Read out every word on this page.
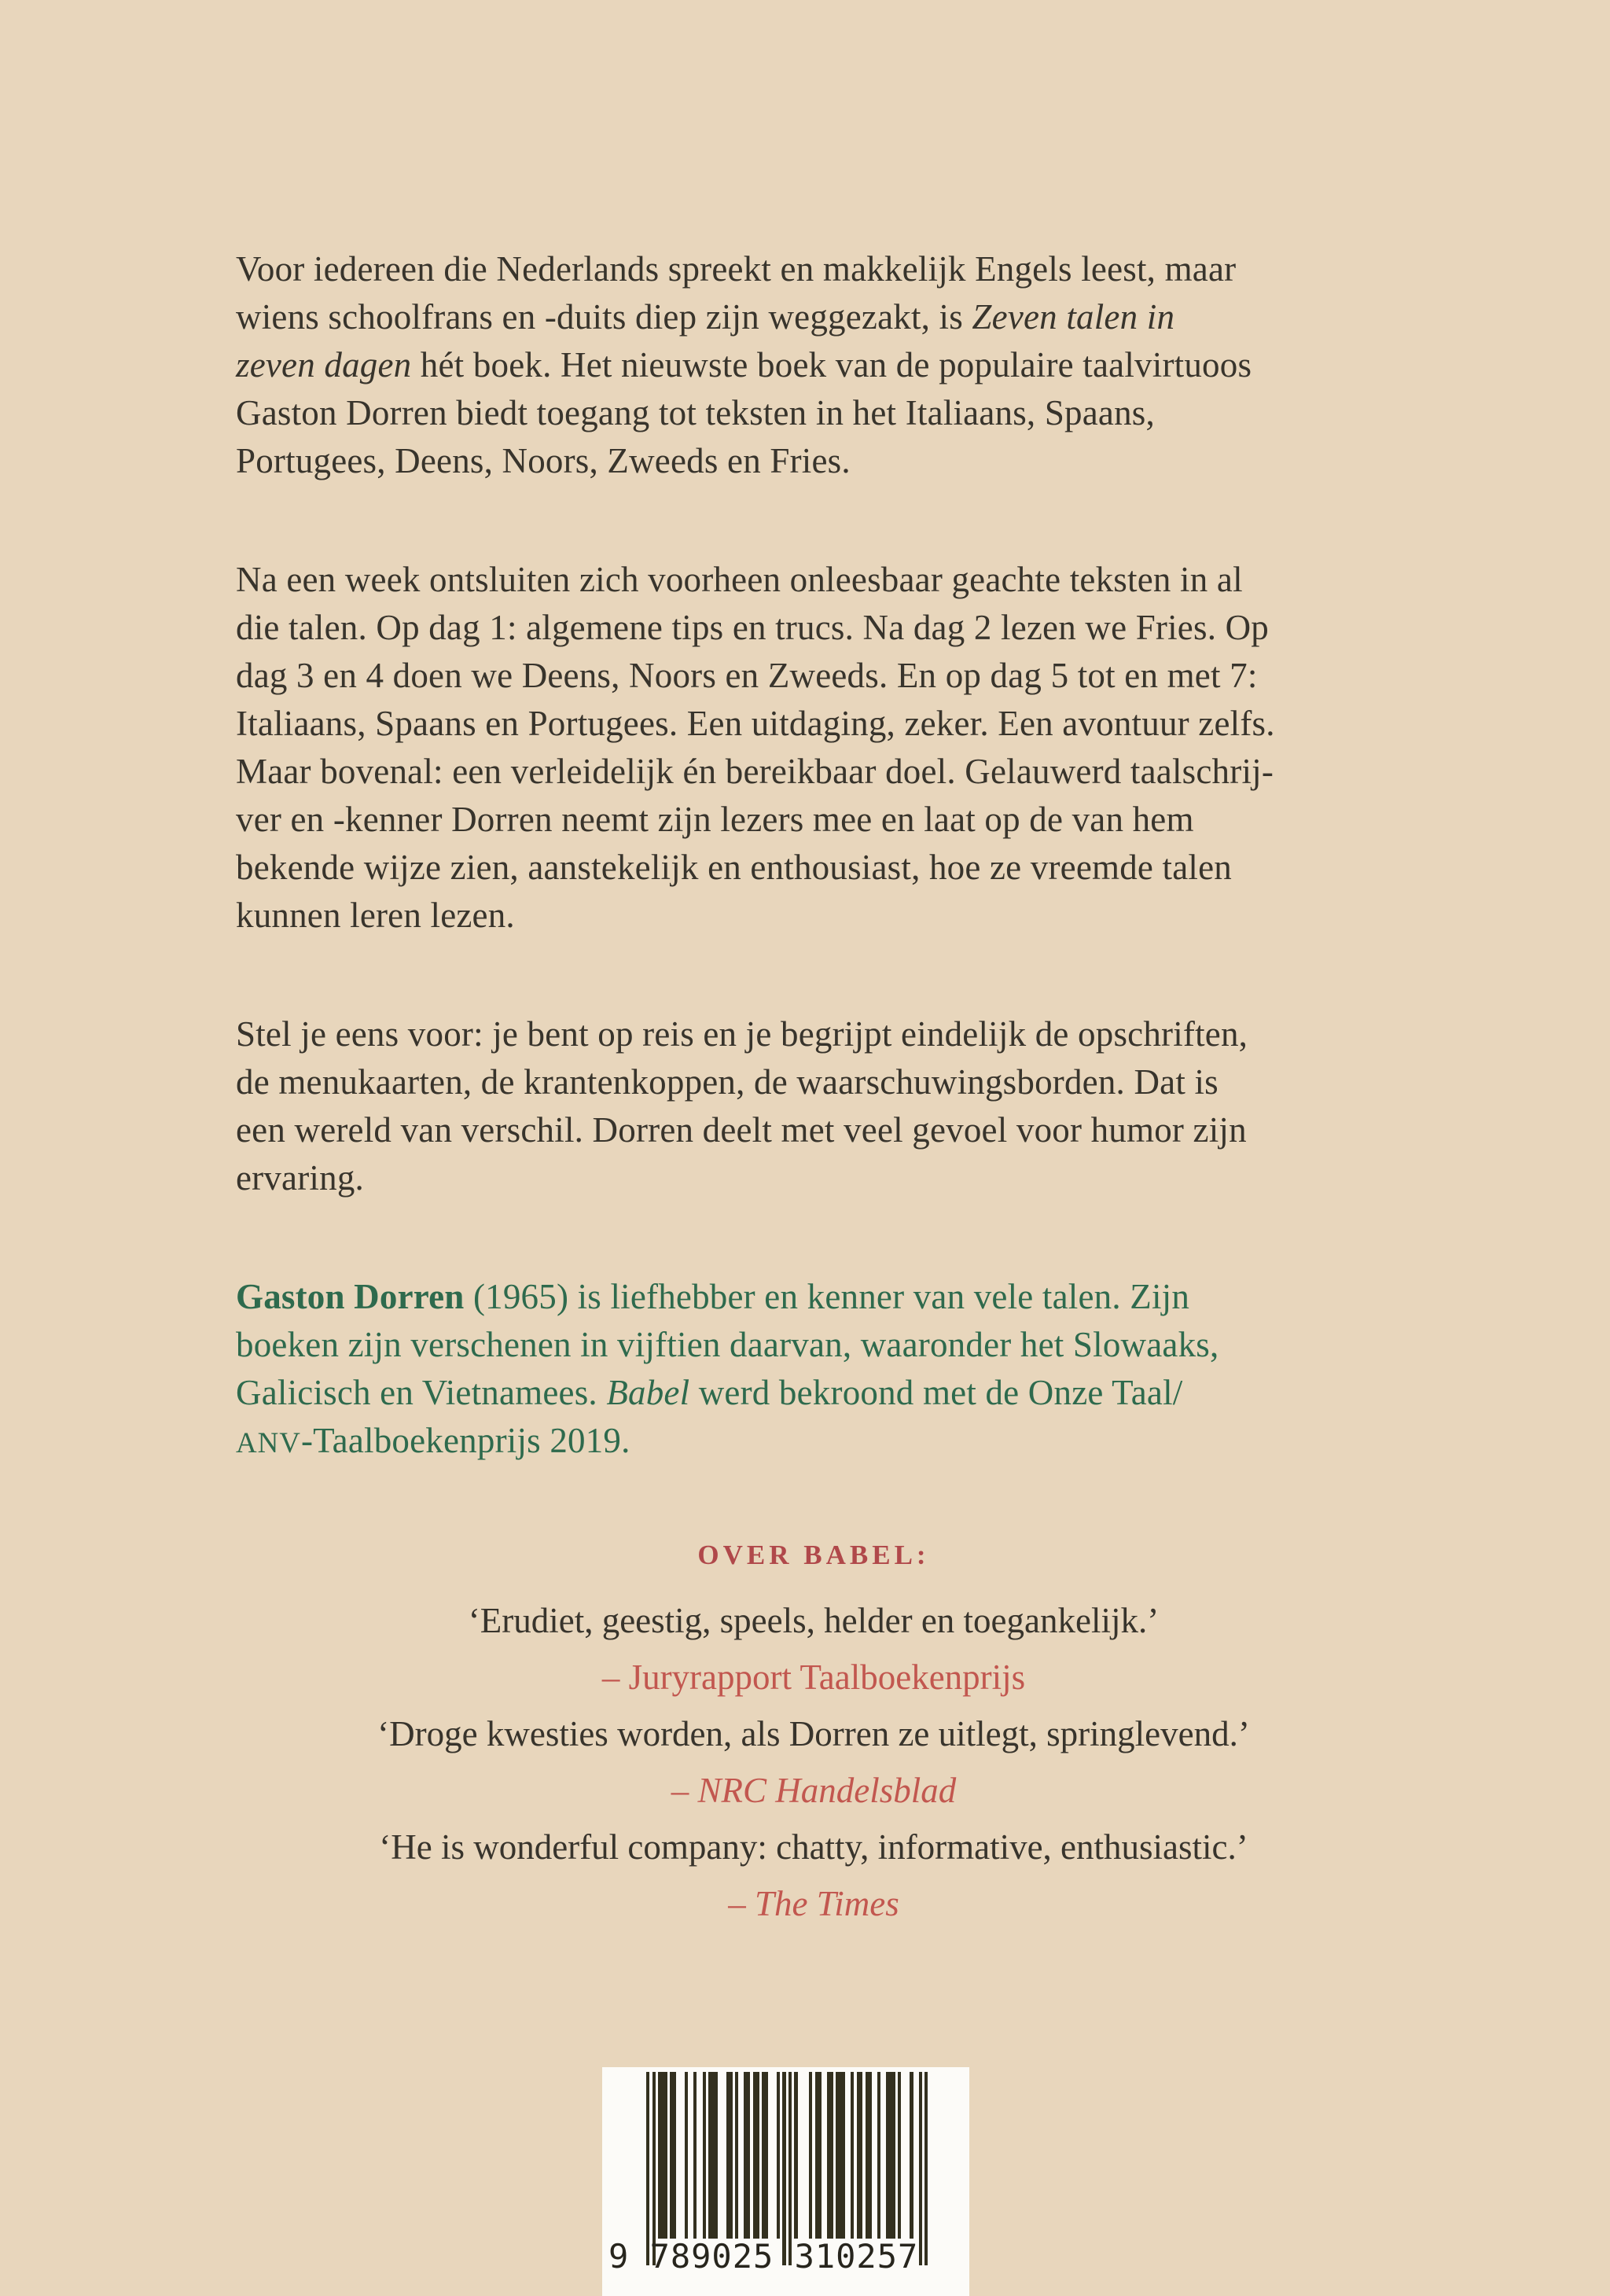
Voor iedereen die Nederlands spreekt en makkelijk Engels leest, maar
wiens schoolfrans en -duits diep zijn weggezakt, is Zeven talen in
zeven dagen hét boek. Het nieuwste boek van de populaire taalvirtuoos
Gaston Dorren biedt toegang tot teksten in het Italiaans, Spaans,
Portugees, Deens, Noors, Zweeds en Fries.

Na een week ontsluiten zich voorheen onleesbaar geachte teksten in al
die talen. Op dag 1: algemene tips en trucs. Na dag 2 lezen we Fries. Op
dag 3 en 4 doen we Deens, Noors en Zweeds. En op dag 5 tot en met 7:
Italiaans, Spaans en Portugees. Een uitdaging, zeker. Een avontuur zelfs.
Maar bovenal: een verleidelijk én bereikbaar doel. Gelauwerd taalschrij-
ver en -kenner Dorren neemt zijn lezers mee en laat op de van hem
bekende wijze zien, aanstekelijk en enthousiast, hoe ze vreemde talen
kunnen leren lezen.

Stel je eens voor: je bent op reis en je begrijpt eindelijk de opschriften,
de menukaarten, de krantenkoppen, de waarschuwingsborden. Dat is
een wereld van verschil. Dorren deelt met veel gevoel voor humor zijn
ervaring.

Gaston Dorren (1965) is liefhebber en kenner van vele talen. Zijn
boeken zijn verschenen in vijftien daarvan, waaronder het Slowaaks,
Galicisch en Vietnamees. Babel werd bekroond met de Onze Taal/
ANV-Taalboekenprijs 2019.

OVER BABEL:
‘Erudiet, geestig, speels, helder en toegankelijk.’
– Juryrapport Taalboekenprijs
‘Droge kwesties worden, als Dorren ze uitlegt, springlevend.’
– NRC Handelsblad
‘He is wonderful company: chatty, informative, enthusiastic.’
– The Times
9 789025 310257
